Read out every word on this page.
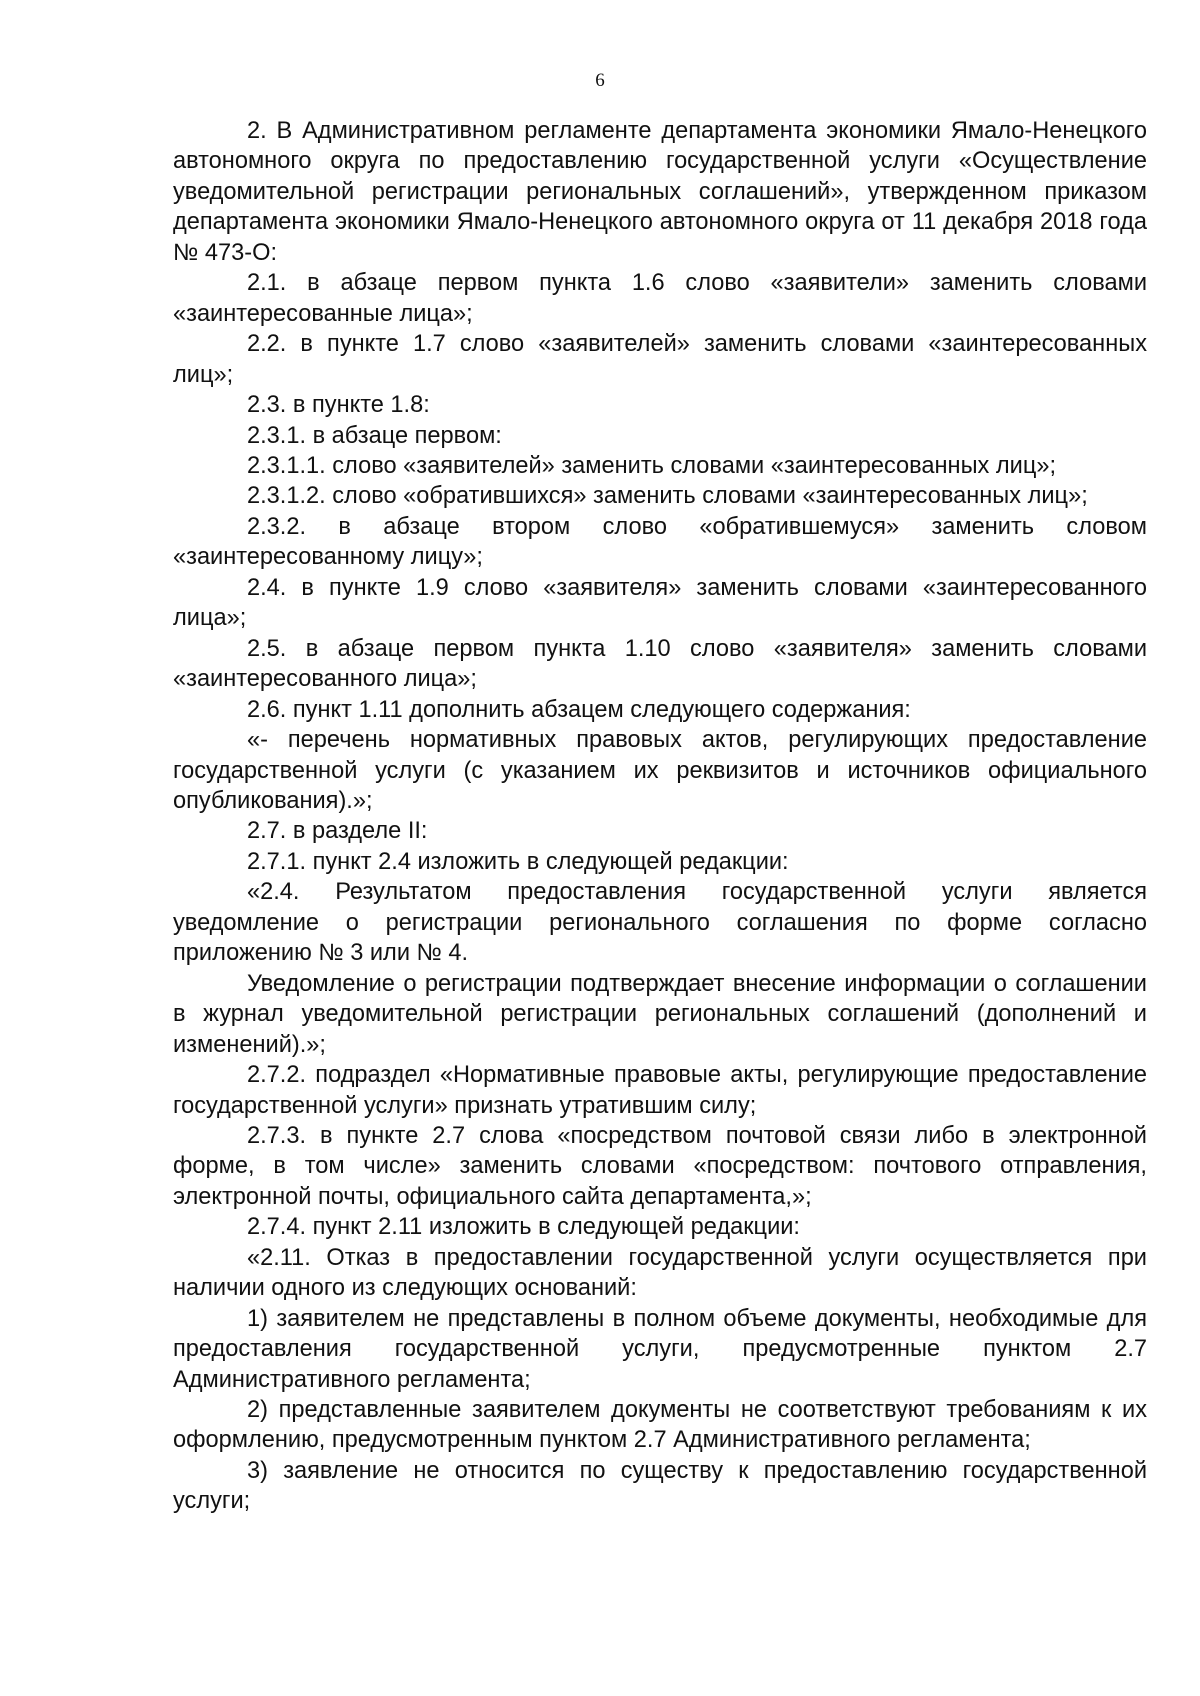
6

2. В Административном регламенте департамента экономики Ямало-Ненецкого автономного округа по предоставлению государственной услуги «Осуществление уведомительной регистрации региональных соглашений», утвержденном приказом департамента экономики Ямало-Ненецкого автономного округа от 11 декабря 2018 года № 473-О:

2.1. в абзаце первом пункта 1.6 слово «заявители» заменить словами «заинтересованные лица»;

2.2. в пункте 1.7 слово «заявителей» заменить словами «заинтересованных лиц»;

2.3. в пункте 1.8:

2.3.1. в абзаце первом:

2.3.1.1. слово «заявителей» заменить словами «заинтересованных лиц»;

2.3.1.2. слово «обратившихся» заменить словами «заинтересованных лиц»;

2.3.2. в абзаце втором слово «обратившемуся» заменить словом «заинтересованному лицу»;

2.4. в пункте 1.9 слово «заявителя» заменить словами «заинтересованного лица»;

2.5. в абзаце первом пункта 1.10 слово «заявителя» заменить словами «заинтересованного лица»;

2.6. пункт 1.11 дополнить абзацем следующего содержания:

«- перечень нормативных правовых актов, регулирующих предоставление государственной услуги (с указанием их реквизитов и источников официального опубликования).»;

2.7. в разделе II:

2.7.1. пункт 2.4 изложить в следующей редакции:

«2.4. Результатом предоставления государственной услуги является уведомление о регистрации регионального соглашения по форме согласно приложению № 3 или № 4.

Уведомление о регистрации подтверждает внесение информации о соглашении в журнал уведомительной регистрации региональных соглашений (дополнений и изменений).»;

2.7.2. подраздел «Нормативные правовые акты, регулирующие предоставление государственной услуги» признать утратившим силу;

2.7.3. в пункте 2.7 слова «посредством почтовой связи либо в электронной форме, в том числе» заменить словами «посредством: почтового отправления, электронной почты, официального сайта департамента,»;

2.7.4. пункт 2.11 изложить в следующей редакции:

«2.11. Отказ в предоставлении государственной услуги осуществляется при наличии одного из следующих оснований:

1) заявителем не представлены в полном объеме документы, необходимые для предоставления государственной услуги, предусмотренные пунктом 2.7 Административного регламента;

2) представленные заявителем документы не соответствуют требованиям к их оформлению, предусмотренным пунктом 2.7 Административного регламента;

3) заявление не относится по существу к предоставлению государственной услуги;
